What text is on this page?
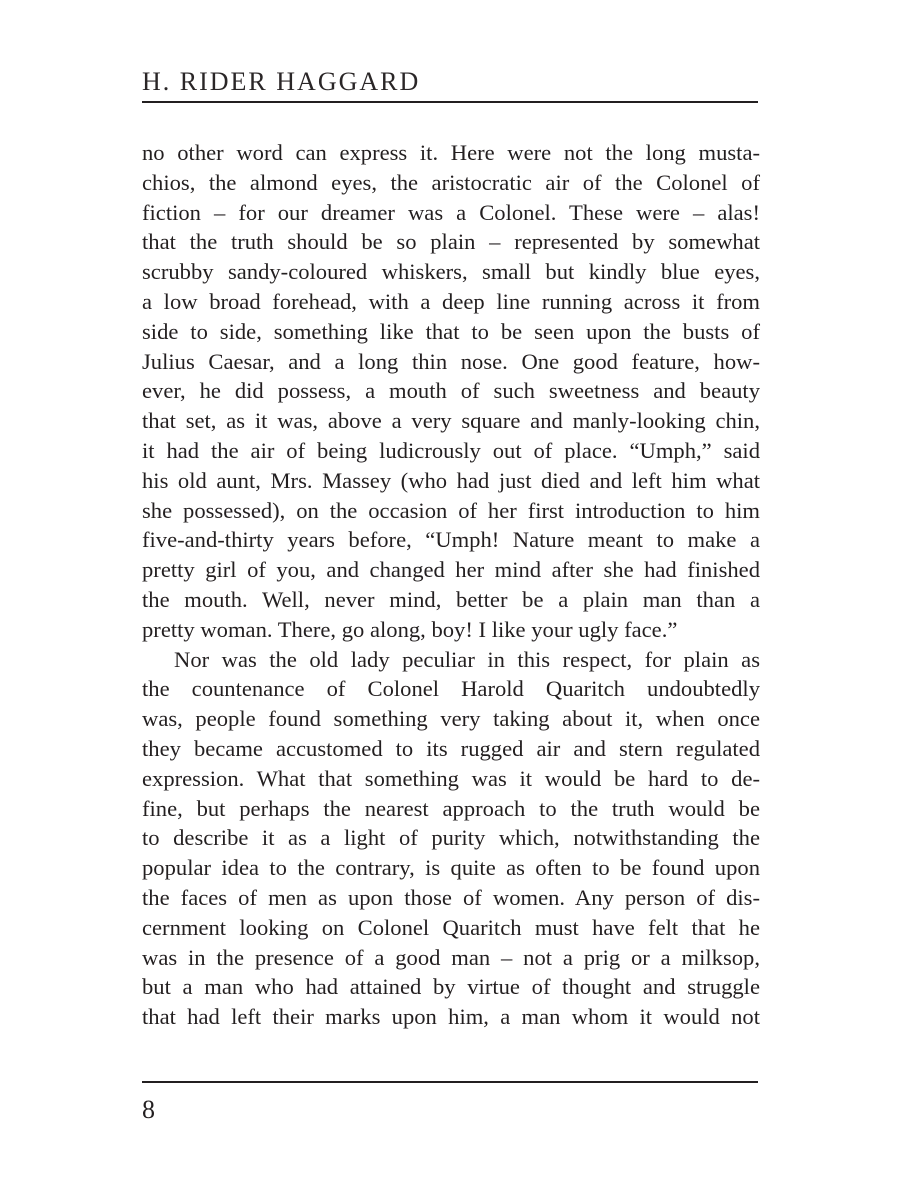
H. RIDER HAGGARD
no other word can express it. Here were not the long musta-
chios, the almond eyes, the aristocratic air of the Colonel of
fiction – for our dreamer was a Colonel. These were – alas!
that the truth should be so plain – represented by somewhat
scrubby sandy-coloured whiskers, small but kindly blue eyes,
a low broad forehead, with a deep line running across it from
side to side, something like that to be seen upon the busts of
Julius Caesar, and a long thin nose. One good feature, how-
ever, he did possess, a mouth of such sweetness and beauty
that set, as it was, above a very square and manly-looking chin,
it had the air of being ludicrously out of place. “Umph,” said
his old aunt, Mrs. Massey (who had just died and left him what
she possessed), on the occasion of her first introduction to him
five-and-thirty years before, “Umph! Nature meant to make a
pretty girl of you, and changed her mind after she had finished
the mouth. Well, never mind, better be a plain man than a
pretty woman. There, go along, boy! I like your ugly face.”
Nor was the old lady peculiar in this respect, for plain as
the countenance of Colonel Harold Quaritch undoubtedly
was, people found something very taking about it, when once
they became accustomed to its rugged air and stern regulated
expression. What that something was it would be hard to de-
fine, but perhaps the nearest approach to the truth would be
to describe it as a light of purity which, notwithstanding the
popular idea to the contrary, is quite as often to be found upon
the faces of men as upon those of women. Any person of dis-
cernment looking on Colonel Quaritch must have felt that he
was in the presence of a good man – not a prig or a milksop,
but a man who had attained by virtue of thought and struggle
that had left their marks upon him, a man whom it would not
8
